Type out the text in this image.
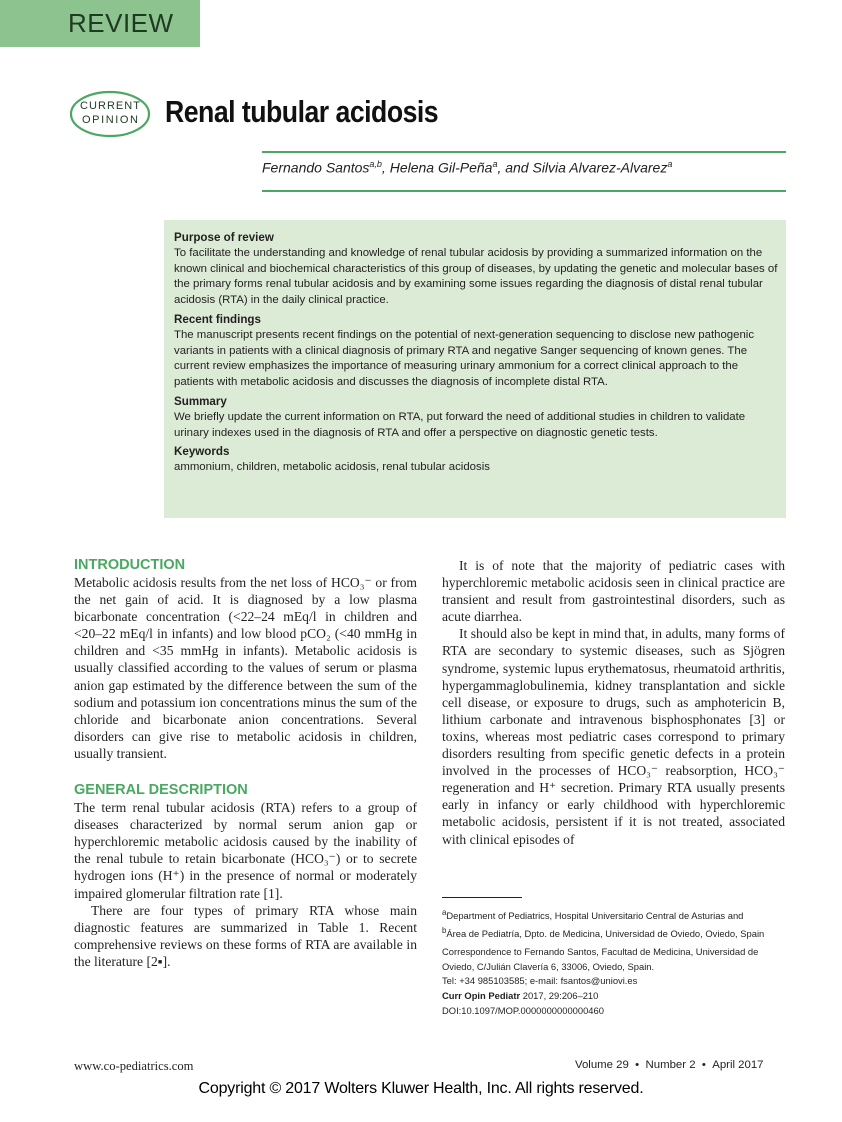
REVIEW
CURRENT
OPINION Renal tubular acidosis
Fernando Santos$^{a,b}$, Helena Gil-Peña$^a$, and Silvia Alvarez-Alvarez$^a$
Purpose of review

To facilitate the understanding and knowledge of renal tubular acidosis by providing a summarized information on the known clinical and biochemical characteristics of this group of diseases, by updating the genetic and molecular bases of the primary forms renal tubular acidosis and by examining some issues regarding the diagnosis of distal renal tubular acidosis (RTA) in the daily clinical practice.

Recent findings

The manuscript presents recent findings on the potential of next-generation sequencing to disclose new pathogenic variants in patients with a clinical diagnosis of primary RTA and negative Sanger sequencing of known genes. The current review emphasizes the importance of measuring urinary ammonium for a correct clinical approach to the patients with metabolic acidosis and discusses the diagnosis of incomplete distal RTA.

Summary

We briefly update the current information on RTA, put forward the need of additional studies in children to validate urinary indexes used in the diagnosis of RTA and offer a perspective on diagnostic genetic tests.

Keywords

ammonium, children, metabolic acidosis, renal tubular acidosis

INTRODUCTION

Metabolic acidosis results from the net loss of HCO₃⁻ or from the net gain of acid. It is diagnosed by a low plasma bicarbonate concentration (<22–24 mEq/l in children and <20–22 mEq/l in infants) and low blood pCO₂ (<40 mmHg in children and <35 mmHg in infants). Metabolic acidosis is usually classified according to the values of serum or plasma anion gap estimated by the difference between the sum of the sodium and potassium ion concentrations minus the sum of the chloride and bicarbonate anion concentrations. Several disorders can give rise to metabolic acidosis in children, usually transient.

GENERAL DESCRIPTION

The term renal tubular acidosis (RTA) refers to a group of diseases characterized by normal serum anion gap or hyperchloremic metabolic acidosis caused by the inability of the renal tubule to retain bicarbonate (HCO₃⁻) or to secrete hydrogen ions (H⁺) in the presence of normal or moderately impaired glomerular filtration rate [1].

There are four types of primary RTA whose main diagnostic features are summarized in Table 1. Recent comprehensive reviews on these forms of RTA are available in the literature [2▪].

It is of note that the majority of pediatric cases with hyperchloremic metabolic acidosis seen in clinical practice are transient and result from gastrointestinal disorders, such as acute diarrhea.

It should also be kept in mind that, in adults, many forms of RTA are secondary to systemic diseases, such as Sjögren syndrome, systemic lupus erythematosus, rheumatoid arthritis, hypergammaglobulinemia, kidney transplantation and sickle cell disease, or exposure to drugs, such as amphotericin B, lithium carbonate and intravenous bisphosphonates [3] or toxins, whereas most pediatric cases correspond to primary disorders resulting from specific genetic defects in a protein involved in the processes of HCO₃⁻ reabsorption, HCO₃⁻ regeneration and H⁺ secretion. Primary RTA usually presents early in infancy or early childhood with hyperchloremic metabolic acidosis, persistent if it is not treated, associated with clinical episodes of

$^a$Department of Pediatrics, Hospital Universitario Central de Asturias and
$^b$Área de Pediatría, Dpto. de Medicina, Universidad de Oviedo, Oviedo, Spain
Correspondence to Fernando Santos, Facultad de Medicina, Universidad de Oviedo, C/Julián Clavería 6, 33006, Oviedo, Spain.
Tel: +34 985103585; e-mail: fsantos@uniovi.es
Curr Opin Pediatr 2017, 29:206–210
DOI:10.1097/MOP.0000000000000460
www.co-pediatrics.com	Volume 29 • Number 2 • April 2017
Copyright © 2017 Wolters Kluwer Health, Inc. All rights reserved.
